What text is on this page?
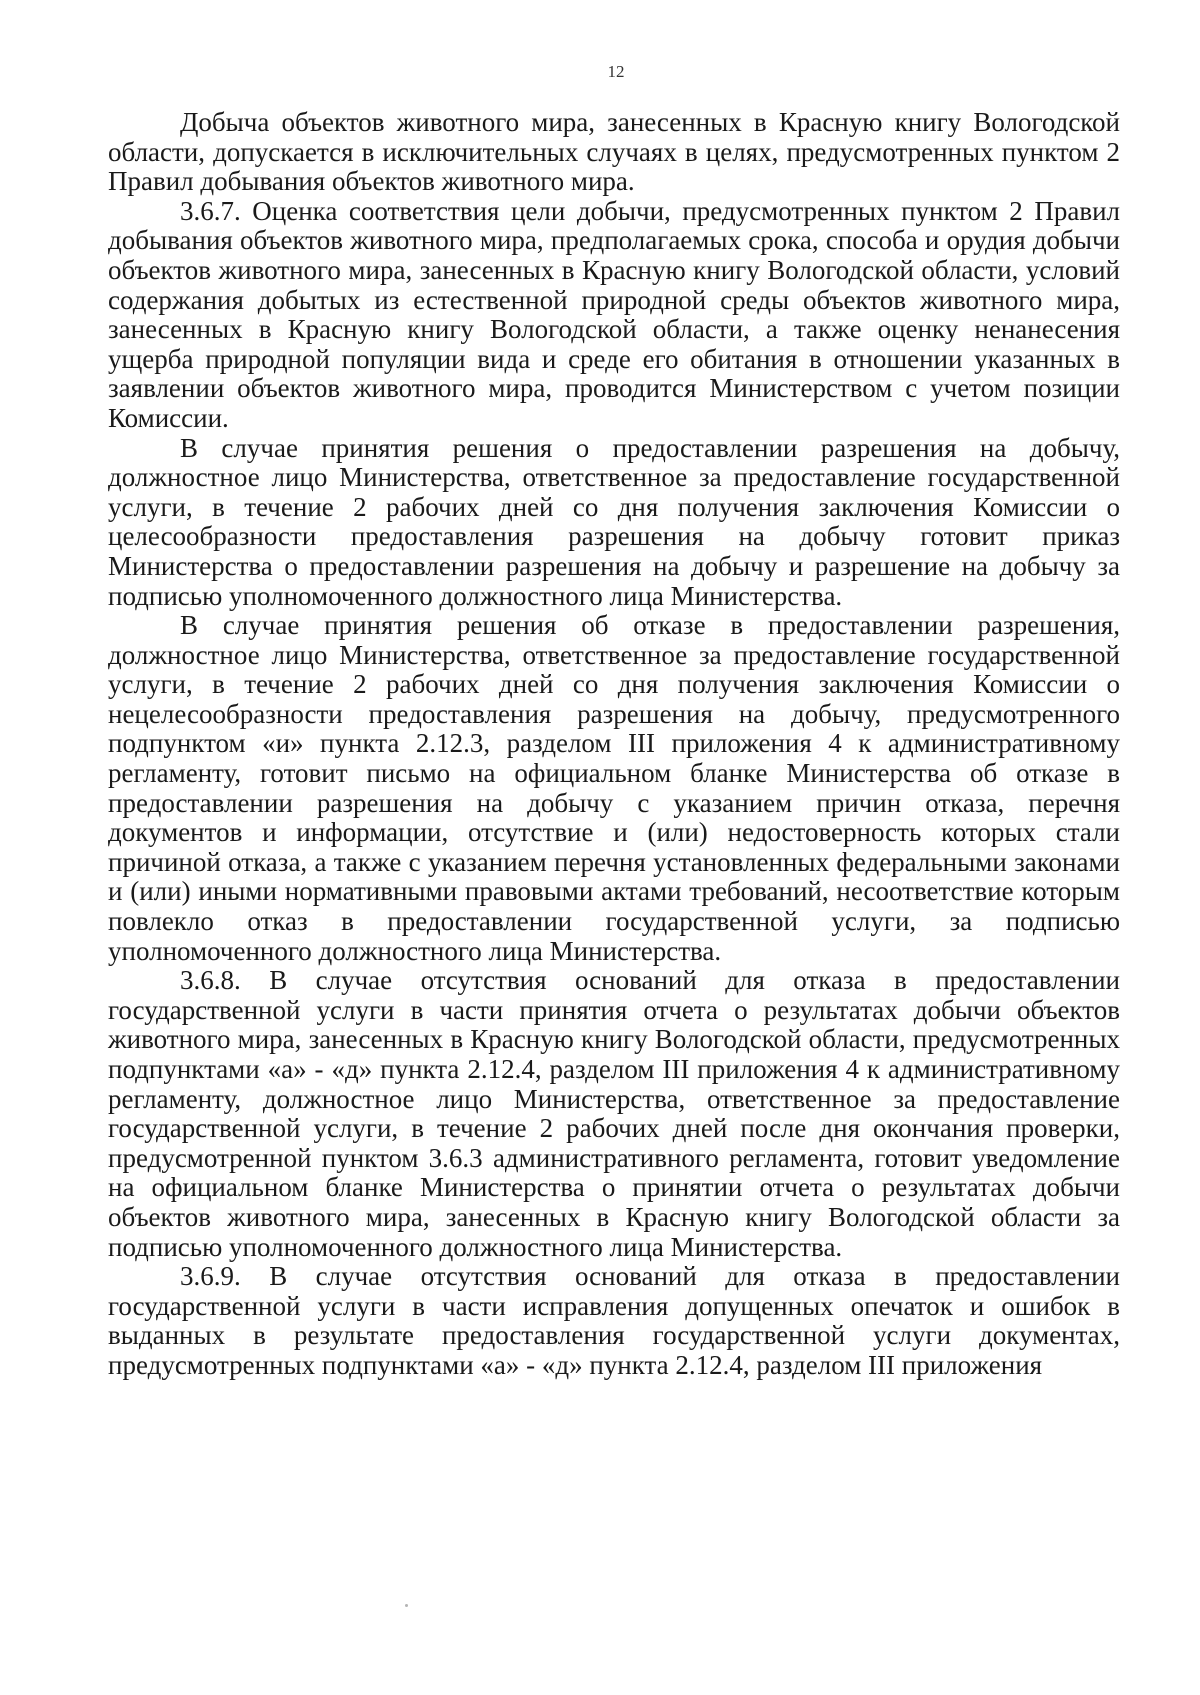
12

Добыча объектов животного мира, занесенных в Красную книгу Вологодской области, допускается в исключительных случаях в целях, предусмотренных пунктом 2 Правил добывания объектов животного мира.

3.6.7. Оценка соответствия цели добычи, предусмотренных пунктом 2 Правил добывания объектов животного мира, предполагаемых срока, способа и орудия добычи объектов животного мира, занесенных в Красную книгу Вологодской области, условий содержания добытых из естественной природной среды объектов животного мира, занесенных в Красную книгу Вологодской области, а также оценку ненанесения ущерба природной популяции вида и среде его обитания в отношении указанных в заявлении объектов животного мира, проводится Министерством с учетом позиции Комиссии.

В случае принятия решения о предоставлении разрешения на добычу, должностное лицо Министерства, ответственное за предоставление государственной услуги, в течение 2 рабочих дней со дня получения заключения Комиссии о целесообразности предоставления разрешения на добычу готовит приказ Министерства о предоставлении разрешения на добычу и разрешение на добычу за подписью уполномоченного должностного лица Министерства.

В случае принятия решения об отказе в предоставлении разрешения, должностное лицо Министерства, ответственное за предоставление государственной услуги, в течение 2 рабочих дней со дня получения заключения Комиссии о нецелесообразности предоставления разрешения на добычу, предусмотренного подпунктом «и» пункта 2.12.3, разделом III приложения 4 к административному регламенту, готовит письмо на официальном бланке Министерства об отказе в предоставлении разрешения на добычу с указанием причин отказа, перечня документов и информации, отсутствие и (или) недостоверность которых стали причиной отказа, а также с указанием перечня установленных федеральными законами и (или) иными нормативными правовыми актами требований, несоответствие которым повлекло отказ в предоставлении государственной услуги, за подписью уполномоченного должностного лица Министерства.

3.6.8. В случае отсутствия оснований для отказа в предоставлении государственной услуги в части принятия отчета о результатах добычи объектов животного мира, занесенных в Красную книгу Вологодской области, предусмотренных подпунктами «а» - «д» пункта 2.12.4, разделом III приложения 4 к административному регламенту, должностное лицо Министерства, ответственное за предоставление государственной услуги, в течение 2 рабочих дней после дня окончания проверки, предусмотренной пунктом 3.6.3 административного регламента, готовит уведомление на официальном бланке Министерства о принятии отчета о результатах добычи объектов животного мира, занесенных в Красную книгу Вологодской области за подписью уполномоченного должностного лица Министерства.

3.6.9. В случае отсутствия оснований для отказа в предоставлении государственной услуги в части исправления допущенных опечаток и ошибок в выданных в результате предоставления государственной услуги документах, предусмотренных подпунктами «а» - «д» пункта 2.12.4, разделом III приложения
